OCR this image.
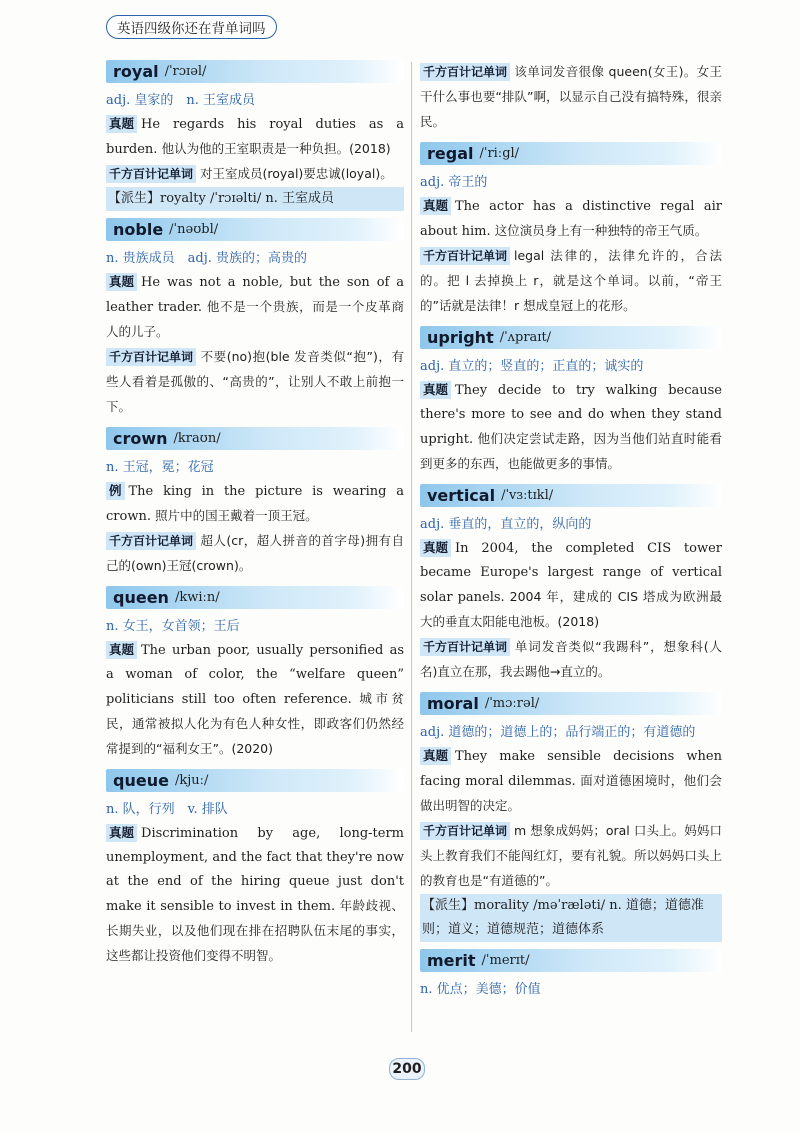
英语四级你还在背单词吗
royal /ˈrɔɪəl/

adj. 皇家的　n. 王室成员

真题 He regards his royal duties as a burden. 他认为他的王室职责是一种负担。(2018)

千方百计记单词 对王室成员(royal)要忠诚(loyal)。

【派生】royalty /ˈrɔɪəlti/ n. 王室成员

noble /ˈnəʊbl/

n. 贵族成员　adj. 贵族的；高贵的

真题 He was not a noble, but the son of a leather trader. 他不是一个贵族，而是一个皮革商人的儿子。

千方百计记单词 不要(no)抱(ble 发音类似“抱”)，有些人看着是孤傲的、“高贵的”，让别人不敢上前抱一下。

crown /kraʊn/

n. 王冠，冕；花冠

例 The king in the picture is wearing a crown. 照片中的国王戴着一顶王冠。

千方百计记单词 超人(cr，超人拼音的首字母)拥有自己的(own)王冠(crown)。

queen /kwiːn/

n. 女王，女首领；王后

真题 The urban poor, usually personified as a woman of color, the “welfare queen” politicians still too often reference. 城市贫民，通常被拟人化为有色人种女性，即政客们仍然经常提到的“福利女王”。(2020)

queue /kjuː/

n. 队，行列　v. 排队

真题 Discrimination by age, long-term unemployment, and the fact that they're now at the end of the hiring queue just don't make it sensible to invest in them. 年龄歧视、长期失业，以及他们现在排在招聘队伍末尾的事实，这些都让投资他们变得不明智。

千方百计记单词 该单词发音很像 queen(女王)。女王干什么事也要“排队”啊，以显示自己没有搞特殊，很亲民。

regal /ˈriːgl/

adj. 帝王的

真题 The actor has a distinctive regal air about him. 这位演员身上有一种独特的帝王气质。

千方百计记单词 legal 法律的，法律允许的，合法的。把 l 去掉换上 r，就是这个单词。以前，“帝王的”话就是法律！r 想成皇冠上的花形。

upright /ˈʌpraɪt/

adj. 直立的；竖直的；正直的；诚实的

真题 They decide to try walking because there's more to see and do when they stand upright. 他们决定尝试走路，因为当他们站直时能看到更多的东西，也能做更多的事情。

vertical /ˈvɜːtɪkl/

adj. 垂直的，直立的，纵向的

真题 In 2004, the completed CIS tower became Europe's largest range of vertical solar panels. 2004 年，建成的 CIS 塔成为欧洲最大的垂直太阳能电池板。(2018)

千方百计记单词 单词发音类似“我踢科”，想象科(人名)直立在那，我去踢他→直立的。

moral /ˈmɔːrəl/

adj. 道德的；道德上的；品行端正的；有道德的

真题 They make sensible decisions when facing moral dilemmas. 面对道德困境时，他们会做出明智的决定。

千方百计记单词 m 想象成妈妈；oral 口头上。妈妈口头上教育我们不能闯红灯，要有礼貌。所以妈妈口头上的教育也是“有道德的”。

【派生】morality /məˈræləti/ n. 道德；道德准则；道义；道德规范；道德体系

merit /ˈmerɪt/

n. 优点；美德；价值

200
